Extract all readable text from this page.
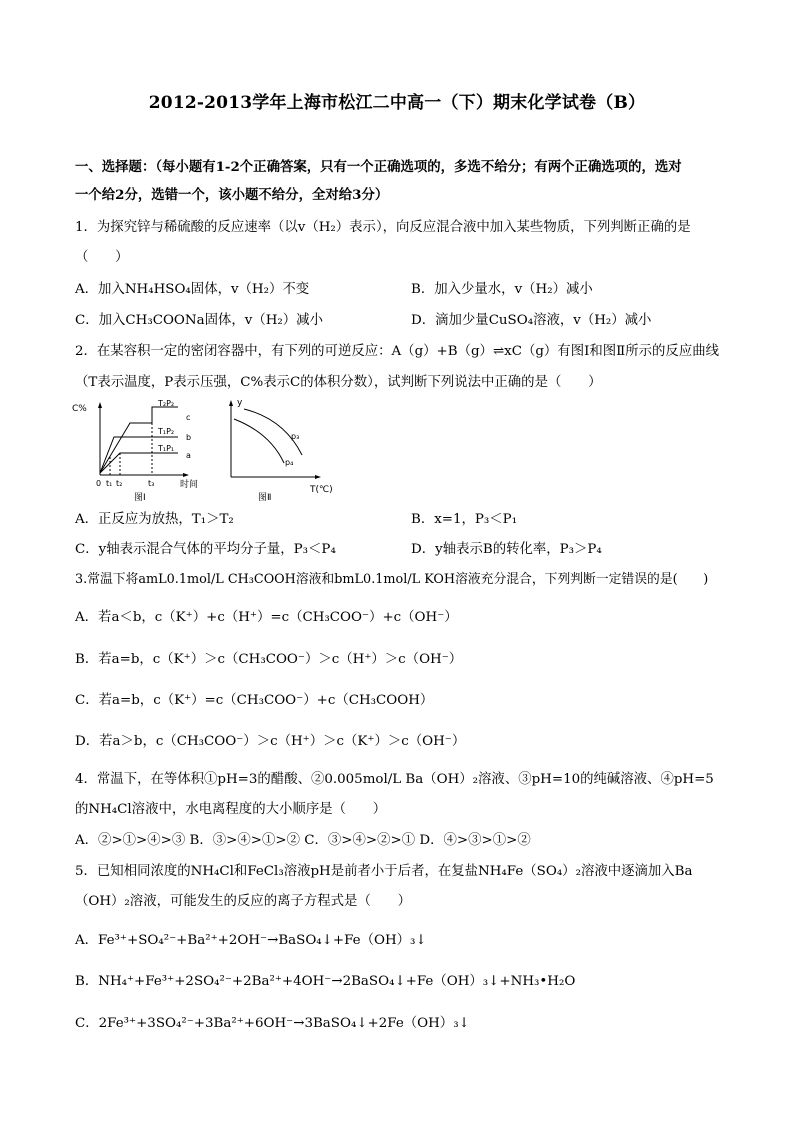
2012-2013学年上海市松江二中高一（下）期末化学试卷（B）
一、选择题：（每小题有1-2个正确答案，只有一个正确选项的，多选不给分；有两个正确选项的，选对
一个给2分，选错一个，该小题不给分，全对给3分）
1．为探究锌与稀硫酸的反应速率（以v（H₂）表示），向反应混合液中加入某些物质，下列判断正确的是
（　　）
A．加入NH₄HSO₄固体，v（H₂）不变	B．加入少量水，v（H₂）减小
C．加入CH₃COONa固体，v（H₂）减小	D．滴加少量CuSO₄溶液，v（H₂）减小
2．在某容积一定的密闭容器中，有下列的可逆反应：A（g）+B（g）⇌xC（g）有图Ⅰ和图Ⅱ所示的反应曲线
（T表示温度，P表示压强，C%表示C的体积分数），试判断下列说法中正确的是（　　）
C%
时间
0 t₁ t₂	t₃
T₂P₂
T₁P₂
T₁P₁
c
b
a
图Ⅰ
y
T(℃)
p₃
p₄
图Ⅱ
A．正反应为放热，T₁＞T₂	B．x=1，P₃＜P₁
C．y轴表示混合气体的平均分子量，P₃＜P₄	D．y轴表示B的转化率，P₃＞P₄
3.常温下将amL0.1mol/L CH₃COOH溶液和bmL0.1mol/L KOH溶液充分混合，下列判断一定错误的是(　　)
A．若a＜b，c（K⁺）+c（H⁺）=c（CH₃COO⁻）+c（OH⁻）
B．若a=b，c（K⁺）＞c（CH₃COO⁻）＞c（H⁺）＞c（OH⁻）
C．若a=b，c（K⁺）=c（CH₃COO⁻）+c（CH₃COOH）
D．若a＞b，c（CH₃COO⁻）＞c（H⁺）＞c（K⁺）＞c（OH⁻）
4．常温下，在等体积①pH=3的醋酸、②0.005mol/L Ba（OH）₂溶液、③pH=10的纯碱溶液、④pH=5
的NH₄Cl溶液中，水电离程度的大小顺序是（　　）
A．②>①>④>③ B．③>④>①>② C．③>④>②>① D．④>③>①>②
5．已知相同浓度的NH₄Cl和FeCl₃溶液pH是前者小于后者，在复盐NH₄Fe（SO₄）₂溶液中逐滴加入Ba
（OH）₂溶液，可能发生的反应的离子方程式是（　　）
A．Fe³⁺+SO₄²⁻+Ba²⁺+2OH⁻→BaSO₄↓+Fe（OH）₃↓
B．NH₄⁺+Fe³⁺+2SO₄²⁻+2Ba²⁺+4OH⁻→2BaSO₄↓+Fe（OH）₃↓+NH₃•H₂O
C．2Fe³⁺+3SO₄²⁻+3Ba²⁺+6OH⁻→3BaSO₄↓+2Fe（OH）₃↓
